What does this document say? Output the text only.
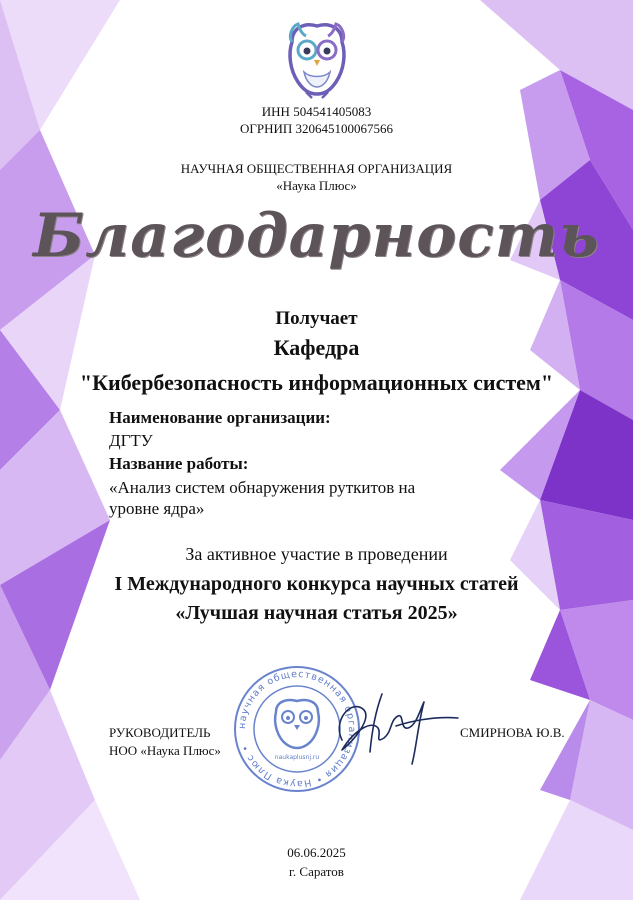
ИНН 504541405083
ОГРНИП 320645100067566
НАУЧНАЯ ОБЩЕСТВЕННАЯ ОРГАНИЗАЦИЯ
«Наука Плюс»
Благодарность
Получает
Кафедра
"Кибербезопасность информационных систем"
Наименование организации:
ДГТУ
Название работы:
«Анализ систем обнаружения руткитов на
уровне ядра»
За активное участие в проведении
I Международного конкурса научных статей
«Лучшая научная статья 2025»
научная общественная организация • Наука Плюс •
naukaplusnj.ru
РУКОВОДИТЕЛЬ
НОО «Наука Плюс»
СМИРНОВА Ю.В.
06.06.2025
г. Саратов
